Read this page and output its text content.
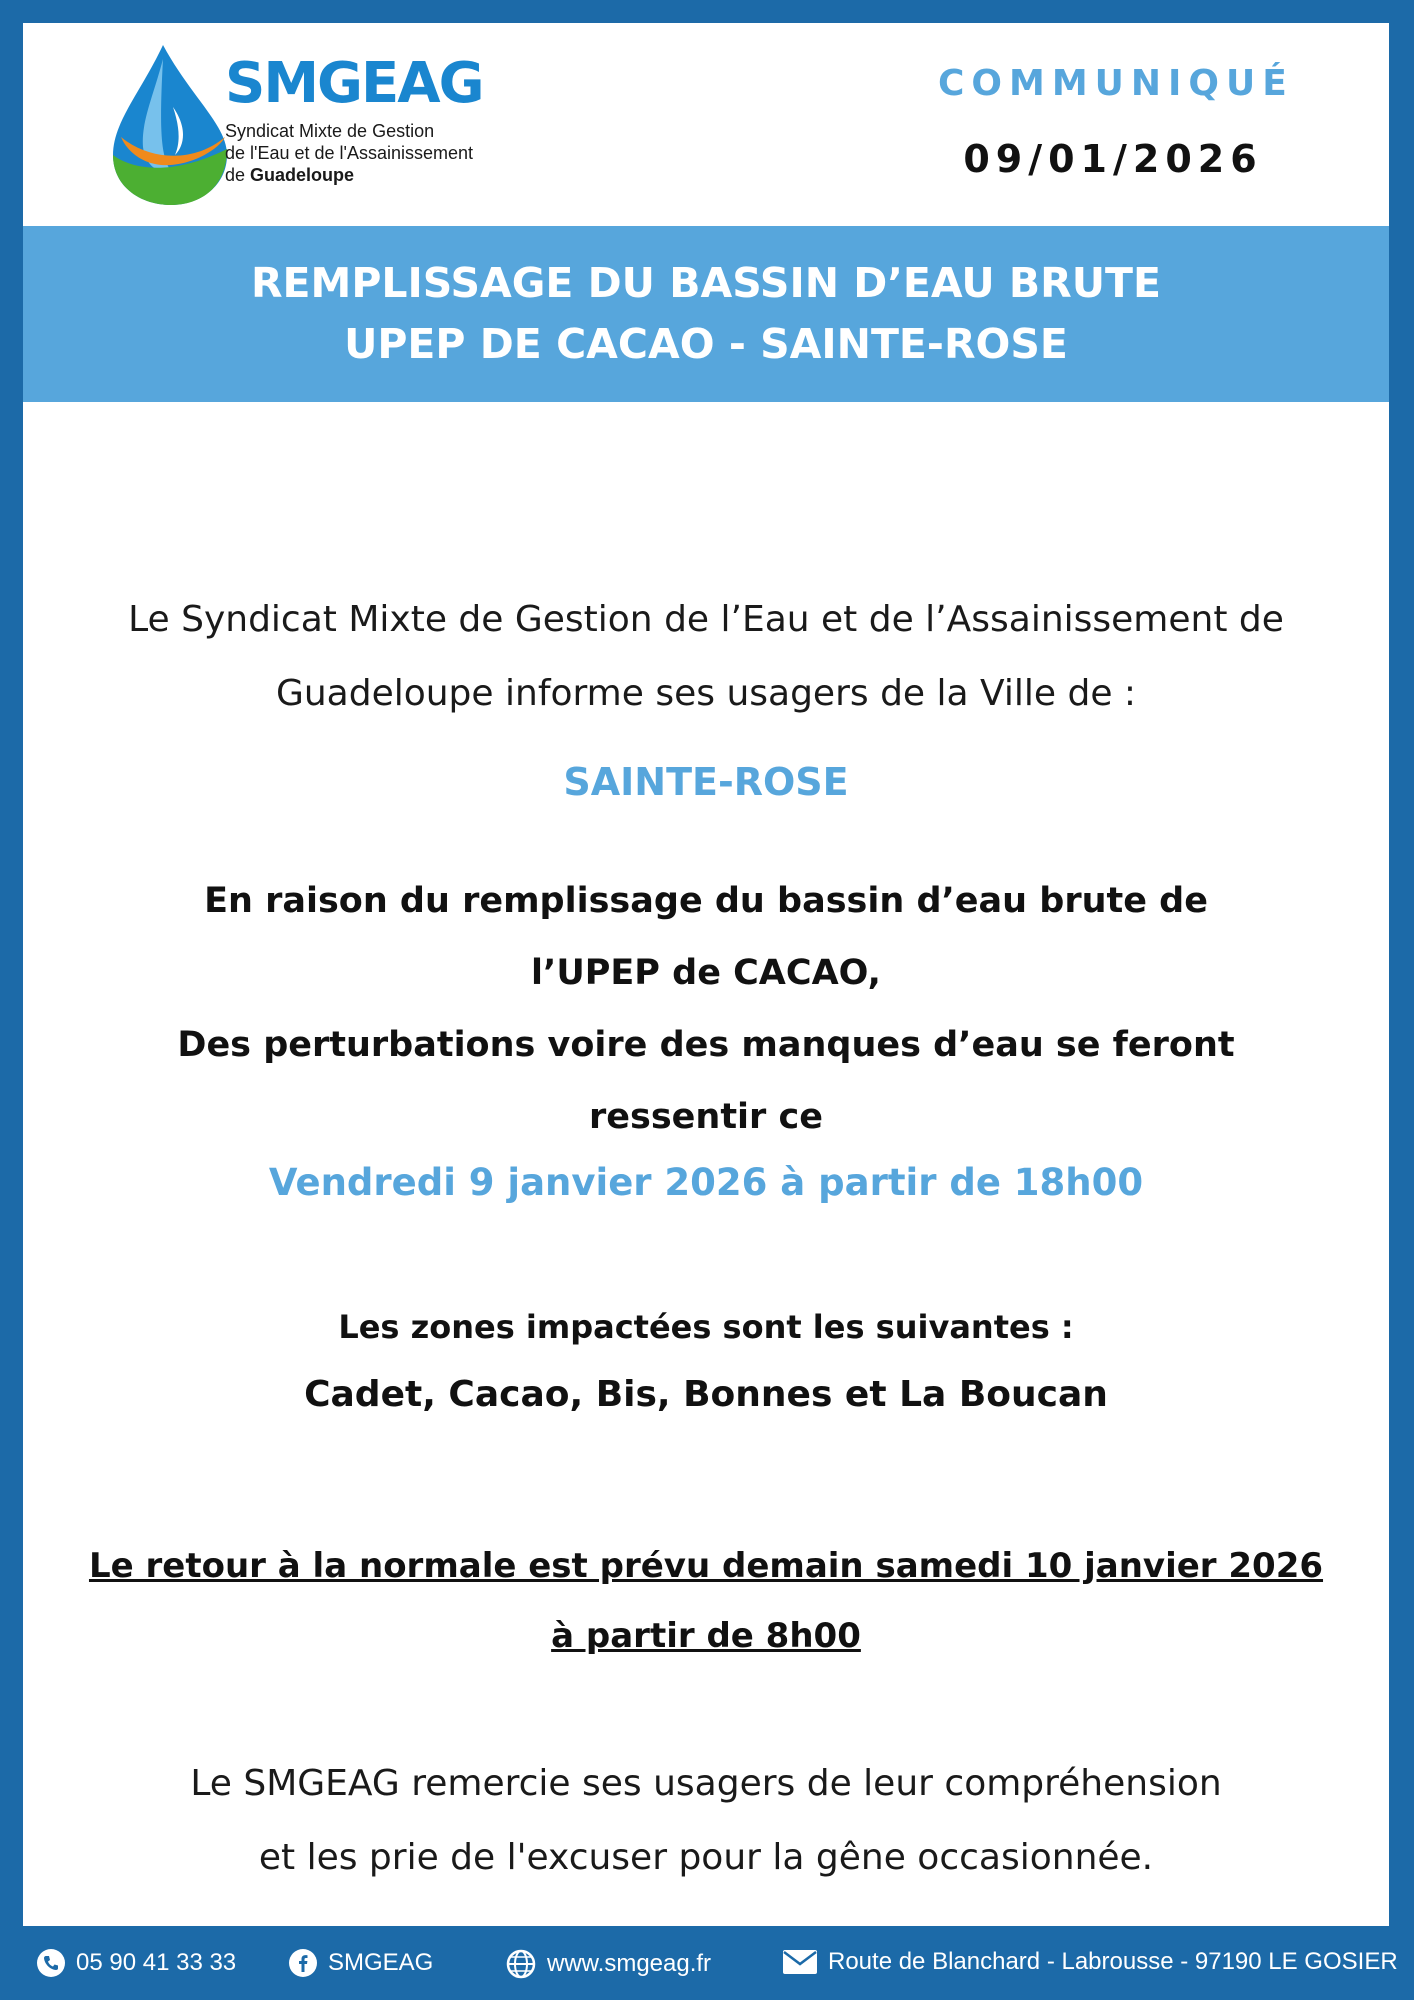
SMGEAG
Syndicat Mixte de Gestion
de l'Eau et de l'Assainissement
de Guadeloupe
COMMUNIQUÉ
09/01/2026
REMPLISSAGE DU BASSIN D’EAU BRUTE
UPEP DE CACAO - SAINTE-ROSE

Le Syndicat Mixte de Gestion de l’Eau et de l’Assainissement de Guadeloupe informe ses usagers de la Ville de :

SAINTE-ROSE

En raison du remplissage du bassin d’eau brute de
l’UPEP de CACAO,
Des perturbations voire des manques d’eau se feront
ressentir ce

Vendredi 9 janvier 2026 à partir de 18h00

Les zones impactées sont les suivantes :

Cadet, Cacao, Bis, Bonnes et La Boucan

Le retour à la normale est prévu demain samedi 10 janvier 2026
à partir de 8h00

Le SMGEAG remercie ses usagers de leur compréhension
et les prie de l'excuser pour la gêne occasionnée.

05 90 41 33 33	SMGEAG	www.smgeag.fr	Route de Blanchard - Labrousse - 97190 LE GOSIER
